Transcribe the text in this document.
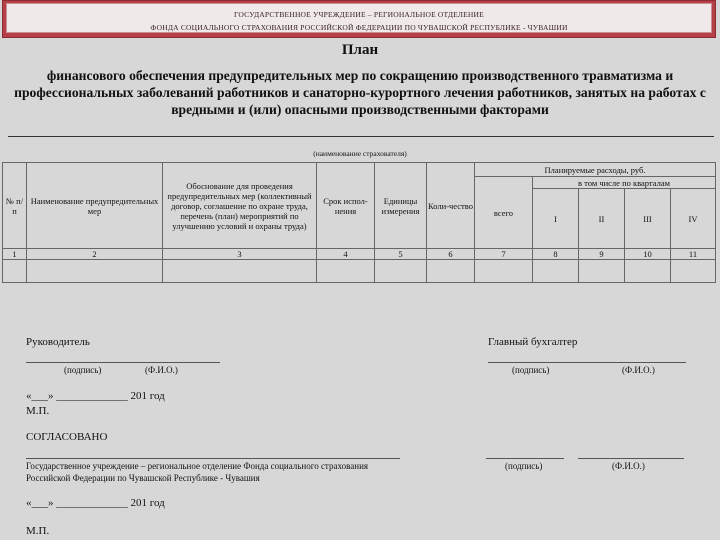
ГОСУДАРСТВЕННОЕ УЧРЕЖДЕНИЕ – РЕГИОНАЛЬНОЕ ОТДЕЛЕНИЕ
ФОНДА СОЦИАЛЬНОГО СТРАХОВАНИЯ РОССИЙСКОЙ ФЕДЕРАЦИИ ПО ЧУВАШСКОЙ РЕСПУБЛИКЕ - ЧУВАШИИ
План
финансового обеспечения предупредительных мер по сокращению производственного травматизма и профессиональных заболеваний работников и санаторно-курортного лечения работников, занятых на работах с вредными и (или) опасными производственными факторами
(наименование страхователя)
№ п/п	Наименование предупредительных мер	Обоснование для проведения предупредительных мер (коллективный договор, соглашение по охране труда, перечень (план) мероприятий по улучшению условий и охраны труда)	Срок испол-нения	Единицы измерения	Коли-чество	Планируемые расходы, руб.				
						всего	в том числе по кварталам			
							I	II	III	IV
1	2	3	4	5	6	7	8	9	10	11

Руководитель	Главный бухгалтер
(подпись)	(Ф.И.О.)	(подпись)	(Ф.И.О.)
«___» _____________ 201 год
М.П.
СОГЛАСОВАНО
Государственное учреждение – региональное отделение Фонда социального страхования
Российской Федерации по Чувашской Республике - Чувашия
(подпись)	(Ф.И.О.)
«___» _____________ 201 год
М.П.
